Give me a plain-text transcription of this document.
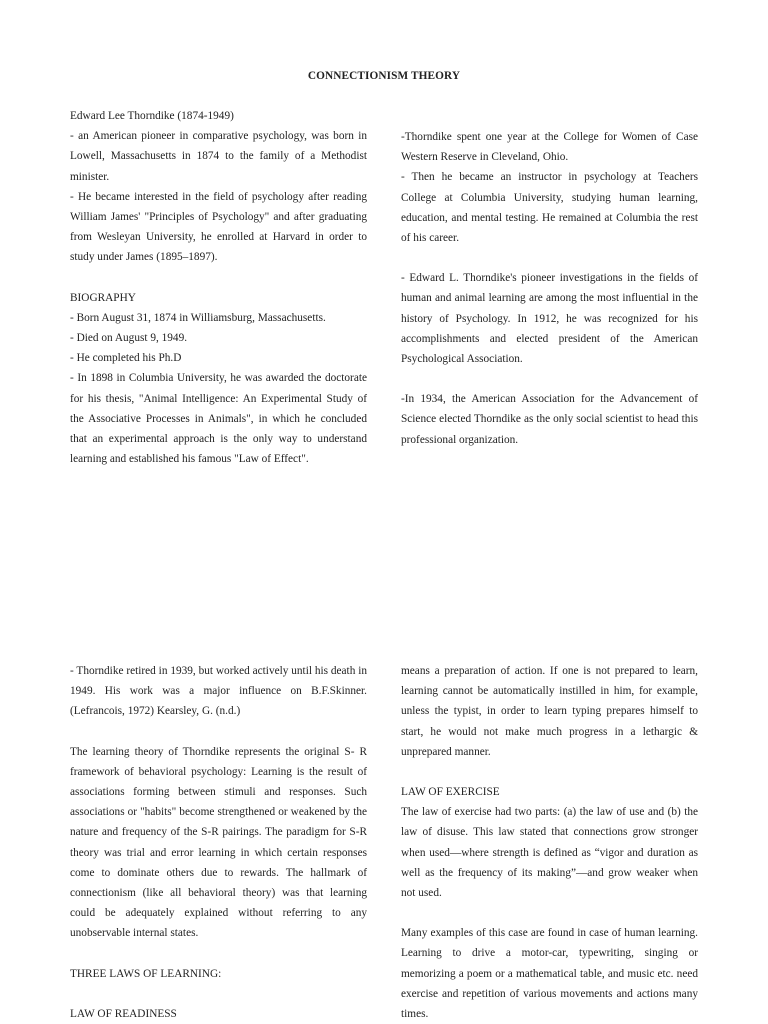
CONNECTIONISM THEORY

Edward Lee Thorndike (1874-1949)

- an American pioneer in comparative psychology, was born in Lowell, Massachusetts in 1874 to the family of a Methodist minister.

- He became interested in the field of psychology after reading William James' "Principles of Psychology" and after graduating from Wesleyan University, he enrolled at Harvard in order to study under James (1895–1897).

BIOGRAPHY

- Born August 31, 1874 in Williamsburg, Massachusetts.

- Died on August 9, 1949.

- He completed his Ph.D

- In 1898 in Columbia University, he was awarded the doctorate for his thesis, "Animal Intelligence: An Experimental Study of the Associative Processes in Animals", in which he concluded that an experimental approach is the only way to understand learning and established his famous "Law of Effect".

-Thorndike spent one year at the College for Women of Case Western Reserve in Cleveland, Ohio.

- Then he became an instructor in psychology at Teachers College at Columbia University, studying human learning, education, and mental testing. He remained at Columbia the rest of his career.

- Edward L. Thorndike's pioneer investigations in the fields of human and animal learning are among the most influential in the history of Psychology. In 1912, he was recognized for his accomplishments and elected president of the American Psychological Association.

-In 1934, the American Association for the Advancement of Science elected Thorndike as the only social scientist to head this professional organization.

- Thorndike retired in 1939, but worked actively until his death in 1949. His work was a major influence on B.F.Skinner. (Lefrancois, 1972) Kearsley, G. (n.d.)

The learning theory of Thorndike represents the original S- R framework of behavioral psychology: Learning is the result of associations forming between stimuli and responses. Such associations or "habits" become strengthened or weakened by the nature and frequency of the S-R pairings. The paradigm for S-R theory was trial and error learning in which certain responses come to dominate others due to rewards. The hallmark of connectionism (like all behavioral theory) was that learning could be adequately explained without referring to any unobservable internal states.

THREE LAWS OF LEARNING:

LAW OF READINESS

means a preparation of action. If one is not prepared to learn, learning cannot be automatically instilled in him, for example, unless the typist, in order to learn typing prepares himself to start, he would not make much progress in a lethargic & unprepared manner.

LAW OF EXERCISE

The law of exercise had two parts: (a) the law of use and (b) the law of disuse. This law stated that connections grow stronger when used—where strength is defined as “vigor and duration as well as the frequency of its making”—and grow weaker when not used.

Many examples of this case are found in case of human learning. Learning to drive a motor-car, typewriting, singing or memorizing a poem or a mathematical table, and music etc. need exercise and repetition of various movements and actions many times.
